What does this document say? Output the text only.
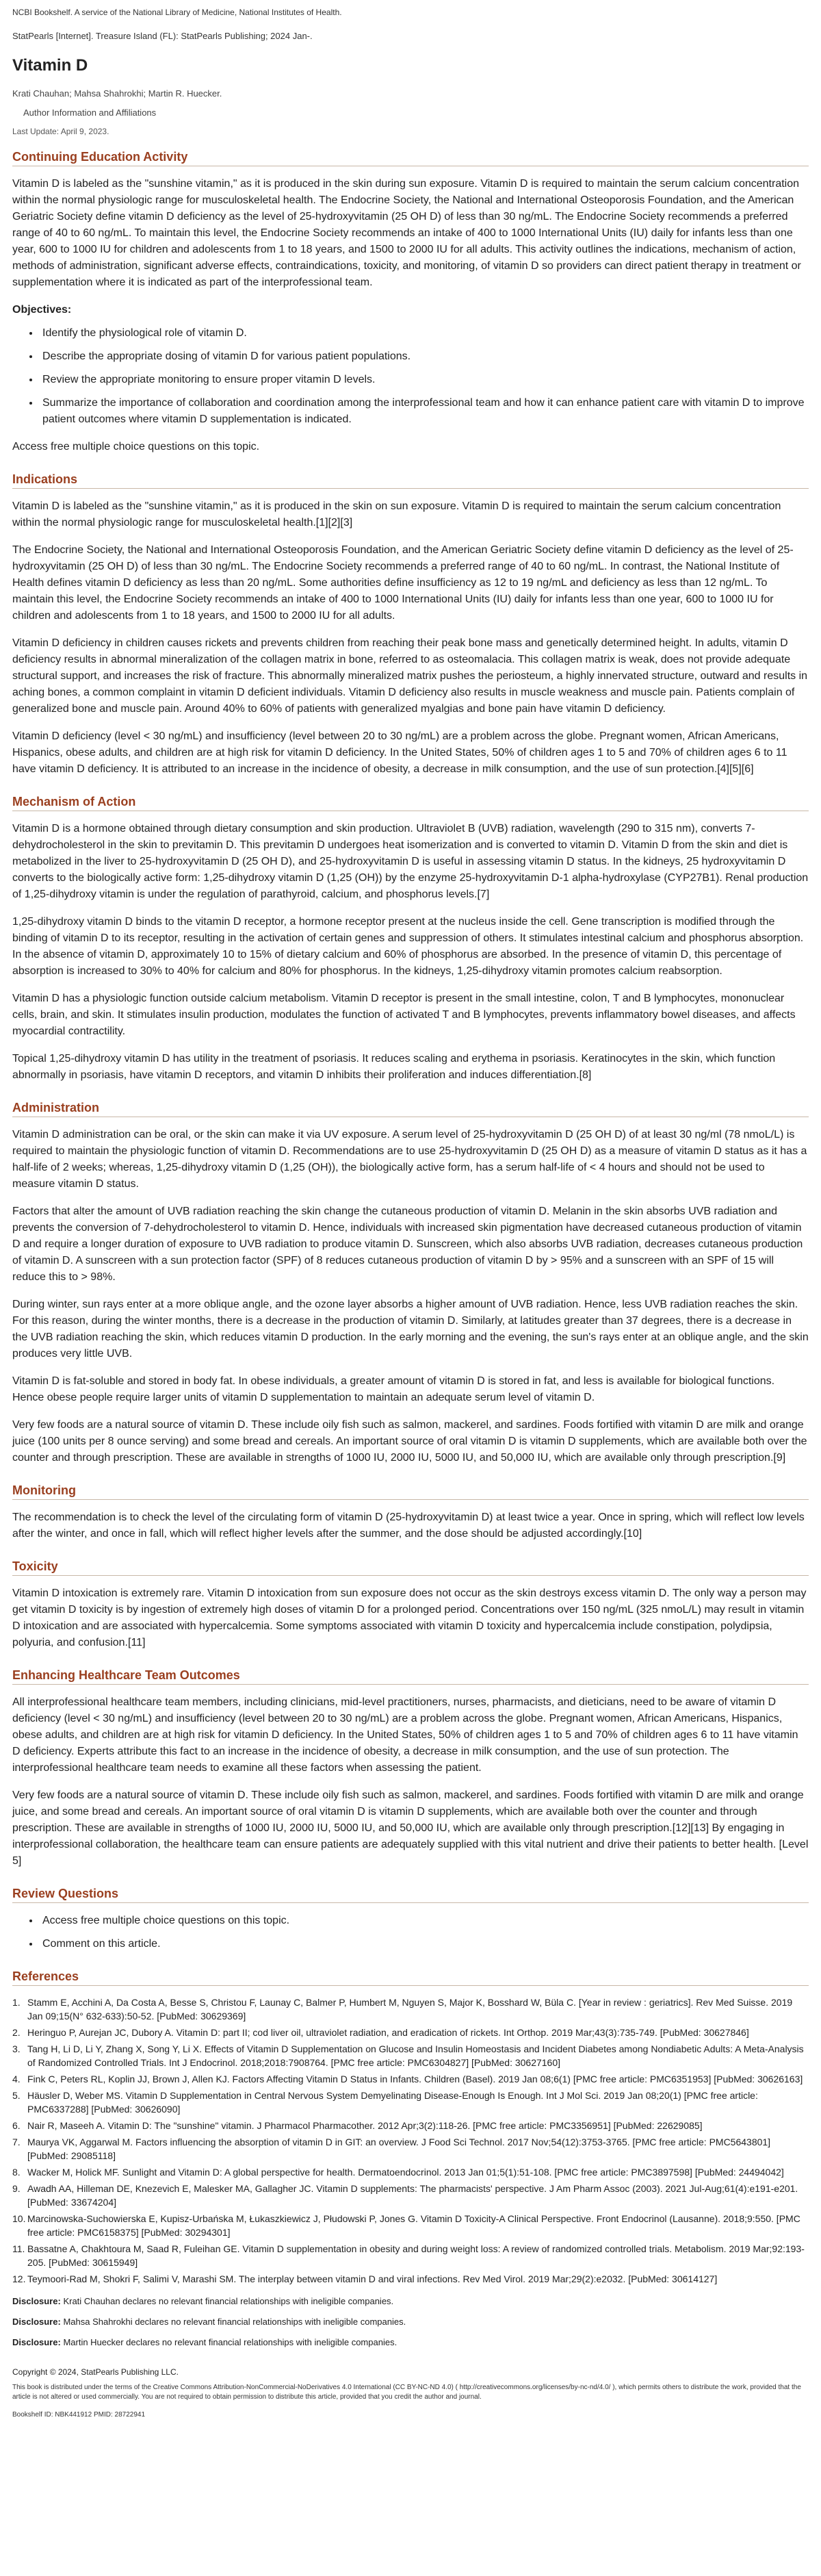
NCBI Bookshelf. A service of the National Library of Medicine, National Institutes of Health.
StatPearls [Internet]. Treasure Island (FL): StatPearls Publishing; 2024 Jan-.
Vitamin D
Krati Chauhan; Mahsa Shahrokhi; Martin R. Huecker.
Author Information and Affiliations
Last Update: April 9, 2023.
Continuing Education Activity

Vitamin D is labeled as the "sunshine vitamin," as it is produced in the skin during sun exposure. Vitamin D is required to maintain the serum calcium concentration within the normal physiologic range for musculoskeletal health. The Endocrine Society, the National and International Osteoporosis Foundation, and the American Geriatric Society define vitamin D deficiency as the level of 25-hydroxyvitamin (25 OH D) of less than 30 ng/mL. The Endocrine Society recommends a preferred range of 40 to 60 ng/mL. To maintain this level, the Endocrine Society recommends an intake of 400 to 1000 International Units (IU) daily for infants less than one year, 600 to 1000 IU for children and adolescents from 1 to 18 years, and 1500 to 2000 IU for all adults. This activity outlines the indications, mechanism of action, methods of administration, significant adverse effects, contraindications, toxicity, and monitoring, of vitamin D so providers can direct patient therapy in treatment or supplementation where it is indicated as part of the interprofessional team.

Objectives:
• Identify the physiological role of vitamin D.
• Describe the appropriate dosing of vitamin D for various patient populations.
• Review the appropriate monitoring to ensure proper vitamin D levels.
• Summarize the importance of collaboration and coordination among the interprofessional team and how it can enhance patient care with vitamin D to improve patient outcomes where vitamin D supplementation is indicated.

Access free multiple choice questions on this topic.

Indications

Vitamin D is labeled as the "sunshine vitamin," as it is produced in the skin on sun exposure. Vitamin D is required to maintain the serum calcium concentration within the normal physiologic range for musculoskeletal health.[1][2][3]

The Endocrine Society, the National and International Osteoporosis Foundation, and the American Geriatric Society define vitamin D deficiency as the level of 25-hydroxyvitamin (25 OH D) of less than 30 ng/mL. The Endocrine Society recommends a preferred range of 40 to 60 ng/mL. In contrast, the National Institute of Health defines vitamin D deficiency as less than 20 ng/mL. Some authorities define insufficiency as 12 to 19 ng/mL and deficiency as less than 12 ng/mL. To maintain this level, the Endocrine Society recommends an intake of 400 to 1000 International Units (IU) daily for infants less than one year, 600 to 1000 IU for children and adolescents from 1 to 18 years, and 1500 to 2000 IU for all adults.

Vitamin D deficiency in children causes rickets and prevents children from reaching their peak bone mass and genetically determined height. In adults, vitamin D deficiency results in abnormal mineralization of the collagen matrix in bone, referred to as osteomalacia. This collagen matrix is weak, does not provide adequate structural support, and increases the risk of fracture. This abnormally mineralized matrix pushes the periosteum, a highly innervated structure, outward and results in aching bones, a common complaint in vitamin D deficient individuals. Vitamin D deficiency also results in muscle weakness and muscle pain. Patients complain of generalized bone and muscle pain. Around 40% to 60% of patients with generalized myalgias and bone pain have vitamin D deficiency.

Vitamin D deficiency (level < 30 ng/mL) and insufficiency (level between 20 to 30 ng/mL) are a problem across the globe. Pregnant women, African Americans, Hispanics, obese adults, and children are at high risk for vitamin D deficiency. In the United States, 50% of children ages 1 to 5 and 70% of children ages 6 to 11 have vitamin D deficiency. It is attributed to an increase in the incidence of obesity, a decrease in milk consumption, and the use of sun protection.[4][5][6]

Mechanism of Action

Vitamin D is a hormone obtained through dietary consumption and skin production. Ultraviolet B (UVB) radiation, wavelength (290 to 315 nm), converts 7-dehydrocholesterol in the skin to previtamin D. This previtamin D undergoes heat isomerization and is converted to vitamin D. Vitamin D from the skin and diet is metabolized in the liver to 25-hydroxyvitamin D (25 OH D), and 25-hydroxyvitamin D is useful in assessing vitamin D status. In the kidneys, 25 hydroxyvitamin D converts to the biologically active form: 1,25-dihydroxy vitamin D (1,25 (OH)) by the enzyme 25-hydroxyvitamin D-1 alpha-hydroxylase (CYP27B1). Renal production of 1,25-dihydroxy vitamin is under the regulation of parathyroid, calcium, and phosphorus levels.[7]

1,25-dihydroxy vitamin D binds to the vitamin D receptor, a hormone receptor present at the nucleus inside the cell. Gene transcription is modified through the binding of vitamin D to its receptor, resulting in the activation of certain genes and suppression of others. It stimulates intestinal calcium and phosphorus absorption. In the absence of vitamin D, approximately 10 to 15% of dietary calcium and 60% of phosphorus are absorbed. In the presence of vitamin D, this percentage of absorption is increased to 30% to 40% for calcium and 80% for phosphorus. In the kidneys, 1,25-dihydroxy vitamin promotes calcium reabsorption.

Vitamin D has a physiologic function outside calcium metabolism. Vitamin D receptor is present in the small intestine, colon, T and B lymphocytes, mononuclear cells, brain, and skin. It stimulates insulin production, modulates the function of activated T and B lymphocytes, prevents inflammatory bowel diseases, and affects myocardial contractility.

Topical 1,25-dihydroxy vitamin D has utility in the treatment of psoriasis. It reduces scaling and erythema in psoriasis. Keratinocytes in the skin, which function abnormally in psoriasis, have vitamin D receptors, and vitamin D inhibits their proliferation and induces differentiation.[8]

Administration

Vitamin D administration can be oral, or the skin can make it via UV exposure. A serum level of 25-hydroxyvitamin D (25 OH D) of at least 30 ng/ml (78 nmoL/L) is required to maintain the physiologic function of vitamin D. Recommendations are to use 25-hydroxyvitamin D (25 OH D) as a measure of vitamin D status as it has a half-life of 2 weeks; whereas, 1,25-dihydroxy vitamin D (1,25 (OH)), the biologically active form, has a serum half-life of < 4 hours and should not be used to measure vitamin D status.

Factors that alter the amount of UVB radiation reaching the skin change the cutaneous production of vitamin D. Melanin in the skin absorbs UVB radiation and prevents the conversion of 7-dehydrocholesterol to vitamin D. Hence, individuals with increased skin pigmentation have decreased cutaneous production of vitamin D and require a longer duration of exposure to UVB radiation to produce vitamin D. Sunscreen, which also absorbs UVB radiation, decreases cutaneous production of vitamin D. A sunscreen with a sun protection factor (SPF) of 8 reduces cutaneous production of vitamin D by > 95% and a sunscreen with an SPF of 15 will reduce this to > 98%.

During winter, sun rays enter at a more oblique angle, and the ozone layer absorbs a higher amount of UVB radiation. Hence, less UVB radiation reaches the skin. For this reason, during the winter months, there is a decrease in the production of vitamin D. Similarly, at latitudes greater than 37 degrees, there is a decrease in the UVB radiation reaching the skin, which reduces vitamin D production. In the early morning and the evening, the sun's rays enter at an oblique angle, and the skin produces very little UVB.

Vitamin D is fat-soluble and stored in body fat. In obese individuals, a greater amount of vitamin D is stored in fat, and less is available for biological functions. Hence obese people require larger units of vitamin D supplementation to maintain an adequate serum level of vitamin D.

Very few foods are a natural source of vitamin D. These include oily fish such as salmon, mackerel, and sardines. Foods fortified with vitamin D are milk and orange juice (100 units per 8 ounce serving) and some bread and cereals. An important source of oral vitamin D is vitamin D supplements, which are available both over the counter and through prescription. These are available in strengths of 1000 IU, 2000 IU, 5000 IU, and 50,000 IU, which are available only through prescription.[9]

Monitoring

The recommendation is to check the level of the circulating form of vitamin D (25-hydroxyvitamin D) at least twice a year. Once in spring, which will reflect low levels after the winter, and once in fall, which will reflect higher levels after the summer, and the dose should be adjusted accordingly.[10]

Toxicity

Vitamin D intoxication is extremely rare. Vitamin D intoxication from sun exposure does not occur as the skin destroys excess vitamin D. The only way a person may get vitamin D toxicity is by ingestion of extremely high doses of vitamin D for a prolonged period. Concentrations over 150 ng/mL (325 nmoL/L) may result in vitamin D intoxication and are associated with hypercalcemia. Some symptoms associated with vitamin D toxicity and hypercalcemia include constipation, polydipsia, polyuria, and confusion.[11]

Enhancing Healthcare Team Outcomes

All interprofessional healthcare team members, including clinicians, mid-level practitioners, nurses, pharmacists, and dieticians, need to be aware of vitamin D deficiency (level < 30 ng/mL) and insufficiency (level between 20 to 30 ng/mL) are a problem across the globe. Pregnant women, African Americans, Hispanics, obese adults, and children are at high risk for vitamin D deficiency. In the United States, 50% of children ages 1 to 5 and 70% of children ages 6 to 11 have vitamin D deficiency. Experts attribute this fact to an increase in the incidence of obesity, a decrease in milk consumption, and the use of sun protection. The interprofessional healthcare team needs to examine all these factors when assessing the patient.

Very few foods are a natural source of vitamin D. These include oily fish such as salmon, mackerel, and sardines. Foods fortified with vitamin D are milk and orange juice, and some bread and cereals. An important source of oral vitamin D is vitamin D supplements, which are available both over the counter and through prescription. These are available in strengths of 1000 IU, 2000 IU, 5000 IU, and 50,000 IU, which are available only through prescription.[12][13] By engaging in interprofessional collaboration, the healthcare team can ensure patients are adequately supplied with this vital nutrient and drive their patients to better health. [Level 5]

Review Questions
• Access free multiple choice questions on this topic.
• Comment on this article.
References
1. Stamm E, Acchini A, Da Costa A, Besse S, Christou F, Launay C, Balmer P, Humbert M, Nguyen S, Major K, Bosshard W, Büla C. [Year in review : geriatrics]. Rev Med Suisse. 2019 Jan 09;15(N° 632-633):50-52. [PubMed: 30629369]
2. Heringuo P, Aurejan JC, Dubory A. Vitamin D: part II; cod liver oil, ultraviolet radiation, and eradication of rickets. Int Orthop. 2019 Mar;43(3):735-749. [PubMed: 30627846]
3. Tang H, Li D, Li Y, Zhang X, Song Y, Li X. Effects of Vitamin D Supplementation on Glucose and Insulin Homeostasis and Incident Diabetes among Nondiabetic Adults: A Meta-Analysis of Randomized Controlled Trials. Int J Endocrinol. 2018;2018:7908764. [PMC free article: PMC6304827] [PubMed: 30627160]
4. Fink C, Peters RL, Koplin JJ, Brown J, Allen KJ. Factors Affecting Vitamin D Status in Infants. Children (Basel). 2019 Jan 08;6(1) [PMC free article: PMC6351953] [PubMed: 30626163]
5. Häusler D, Weber MS. Vitamin D Supplementation in Central Nervous System Demyelinating Disease-Enough Is Enough. Int J Mol Sci. 2019 Jan 08;20(1) [PMC free article: PMC6337288] [PubMed: 30626090]
6. Nair R, Maseeh A. Vitamin D: The "sunshine" vitamin. J Pharmacol Pharmacother. 2012 Apr;3(2):118-26. [PMC free article: PMC3356951] [PubMed: 22629085]
7. Maurya VK, Aggarwal M. Factors influencing the absorption of vitamin D in GIT: an overview. J Food Sci Technol. 2017 Nov;54(12):3753-3765. [PMC free article: PMC5643801] [PubMed: 29085118]
8. Wacker M, Holick MF. Sunlight and Vitamin D: A global perspective for health. Dermatoendocrinol. 2013 Jan 01;5(1):51-108. [PMC free article: PMC3897598] [PubMed: 24494042]
9. Awadh AA, Hilleman DE, Knezevich E, Malesker MA, Gallagher JC. Vitamin D supplements: The pharmacists' perspective. J Am Pharm Assoc (2003). 2021 Jul-Aug;61(4):e191-e201. [PubMed: 33674204]
10. Marcinowska-Suchowierska E, Kupisz-Urbańska M, Łukaszkiewicz J, Płudowski P, Jones G. Vitamin D Toxicity-A Clinical Perspective. Front Endocrinol (Lausanne). 2018;9:550. [PMC free article: PMC6158375] [PubMed: 30294301]
11. Bassatne A, Chakhtoura M, Saad R, Fuleihan GE. Vitamin D supplementation in obesity and during weight loss: A review of randomized controlled trials. Metabolism. 2019 Mar;92:193-205. [PubMed: 30615949]
12. Teymoori-Rad M, Shokri F, Salimi V, Marashi SM. The interplay between vitamin D and viral infections. Rev Med Virol. 2019 Mar;29(2):e2032. [PubMed: 30614127]
Disclosure: Krati Chauhan declares no relevant financial relationships with ineligible companies.
Disclosure: Mahsa Shahrokhi declares no relevant financial relationships with ineligible companies.
Disclosure: Martin Huecker declares no relevant financial relationships with ineligible companies.
Copyright © 2024, StatPearls Publishing LLC.
This book is distributed under the terms of the Creative Commons Attribution-NonCommercial-NoDerivatives 4.0 International (CC BY-NC-ND 4.0) ( http://creativecommons.org/licenses/by-nc-nd/4.0/ ), which permits others to distribute the work, provided that the article is not altered or used commercially. You are not required to obtain permission to distribute this article, provided that you credit the author and journal.
Bookshelf ID: NBK441912 PMID: 28722941
